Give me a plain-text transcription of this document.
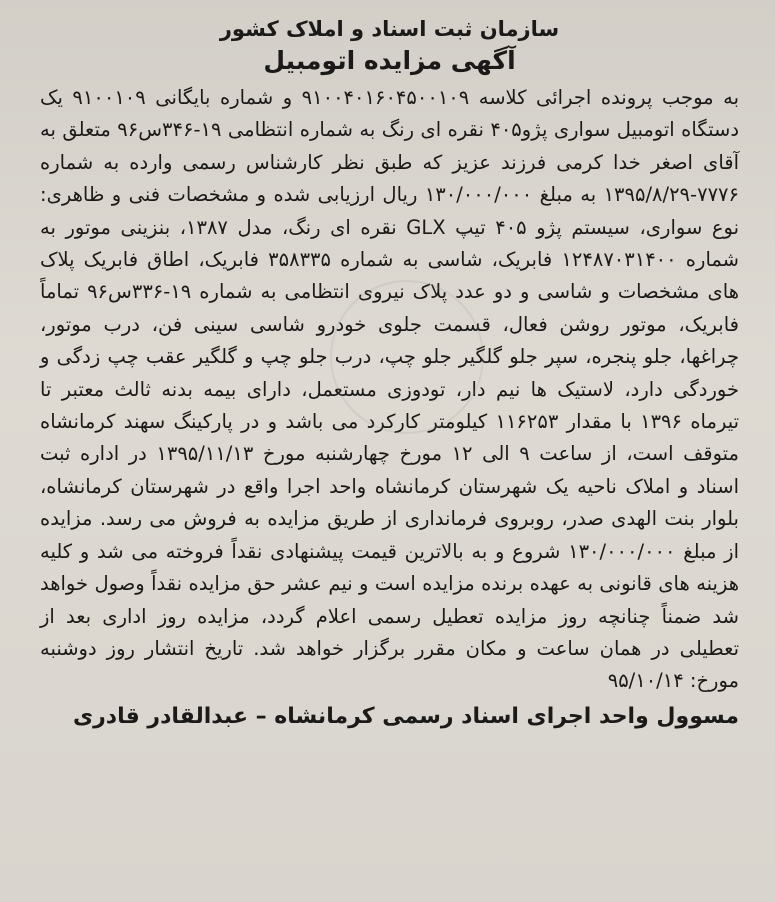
سازمان ثبت اسناد و املاک کشور
آگهی مزایده اتومبیل

به موجب پرونده اجرائی کلاسه ۹۱۰۰۴۰۱۶۰۴۵۰۰۱۰۹ و شماره بایگانی ۹۱۰۰۱۰۹ یک دستگاه اتومبیل سواری پژو۴۰۵ نقره ای رنگ به شماره انتظامی ۱۹-۳۴۶س۹۶ متعلق به آقای اصغر خدا کرمی فرزند عزیز که طبق نظر کارشناس رسمی وارده به شماره ۷۷۷۶-۱۳۹۵/۸/۲۹ به مبلغ ۱۳۰/۰۰۰/۰۰۰ ریال ارزیابی شده و مشخصات فنی و ظاهری: نوع سواری، سیستم پژو ۴۰۵ تیپ GLX نقره ای رنگ، مدل ۱۳۸۷، بنزینی موتور به شماره ۱۲۴۸۷۰۳۱۴۰۰ فابریک، شاسی به شماره ۳۵۸۳۳۵ فابریک، اطاق فابریک پلاک های مشخصات و شاسی و دو عدد پلاک نیروی انتظامی به شماره ۱۹-۳۳۶س۹۶ تماماً فابریک، موتور روشن فعال، قسمت جلوی خودرو شاسی سینی فن، درب موتور، چراغها، جلو پنجره، سپر جلو گلگیر جلو چپ، درب جلو چپ و گلگیر عقب چپ زدگی و خوردگی دارد، لاستیک ها نیم دار، تودوزی مستعمل، دارای بیمه بدنه ثالث معتبر تا تیرماه ۱۳۹۶ با مقدار ۱۱۶۲۵۳ کیلومتر کارکرد می باشد و در پارکینگ سهند کرمانشاه متوقف است، از ساعت ۹ الی ۱۲ مورخ چهارشنبه مورخ ۱۳۹۵/۱۱/۱۳ در اداره ثبت اسناد و املاک ناحیه یک شهرستان کرمانشاه واحد اجرا واقع در شهرستان کرمانشاه، بلوار بنت الهدی صدر، روبروی فرمانداری از طریق مزایده به فروش می رسد. مزایده از مبلغ ۱۳۰/۰۰۰/۰۰۰ شروع و به بالاترین قیمت پیشنهادی نقداً فروخته می شد و کلیه هزینه های قانونی به عهده برنده مزایده است و نیم عشر حق مزایده نقداً وصول خواهد شد ضمناً چنانچه روز مزایده تعطیل رسمی اعلام گردد، مزایده روز اداری بعد از تعطیلی در همان ساعت و مکان مقرر برگزار خواهد شد. تاریخ انتشار روز دوشنبه مورخ: ۹۵/۱۰/۱۴

مسوول واحد اجرای اسناد رسمی کرمانشاه – عبدالقادر قادری
